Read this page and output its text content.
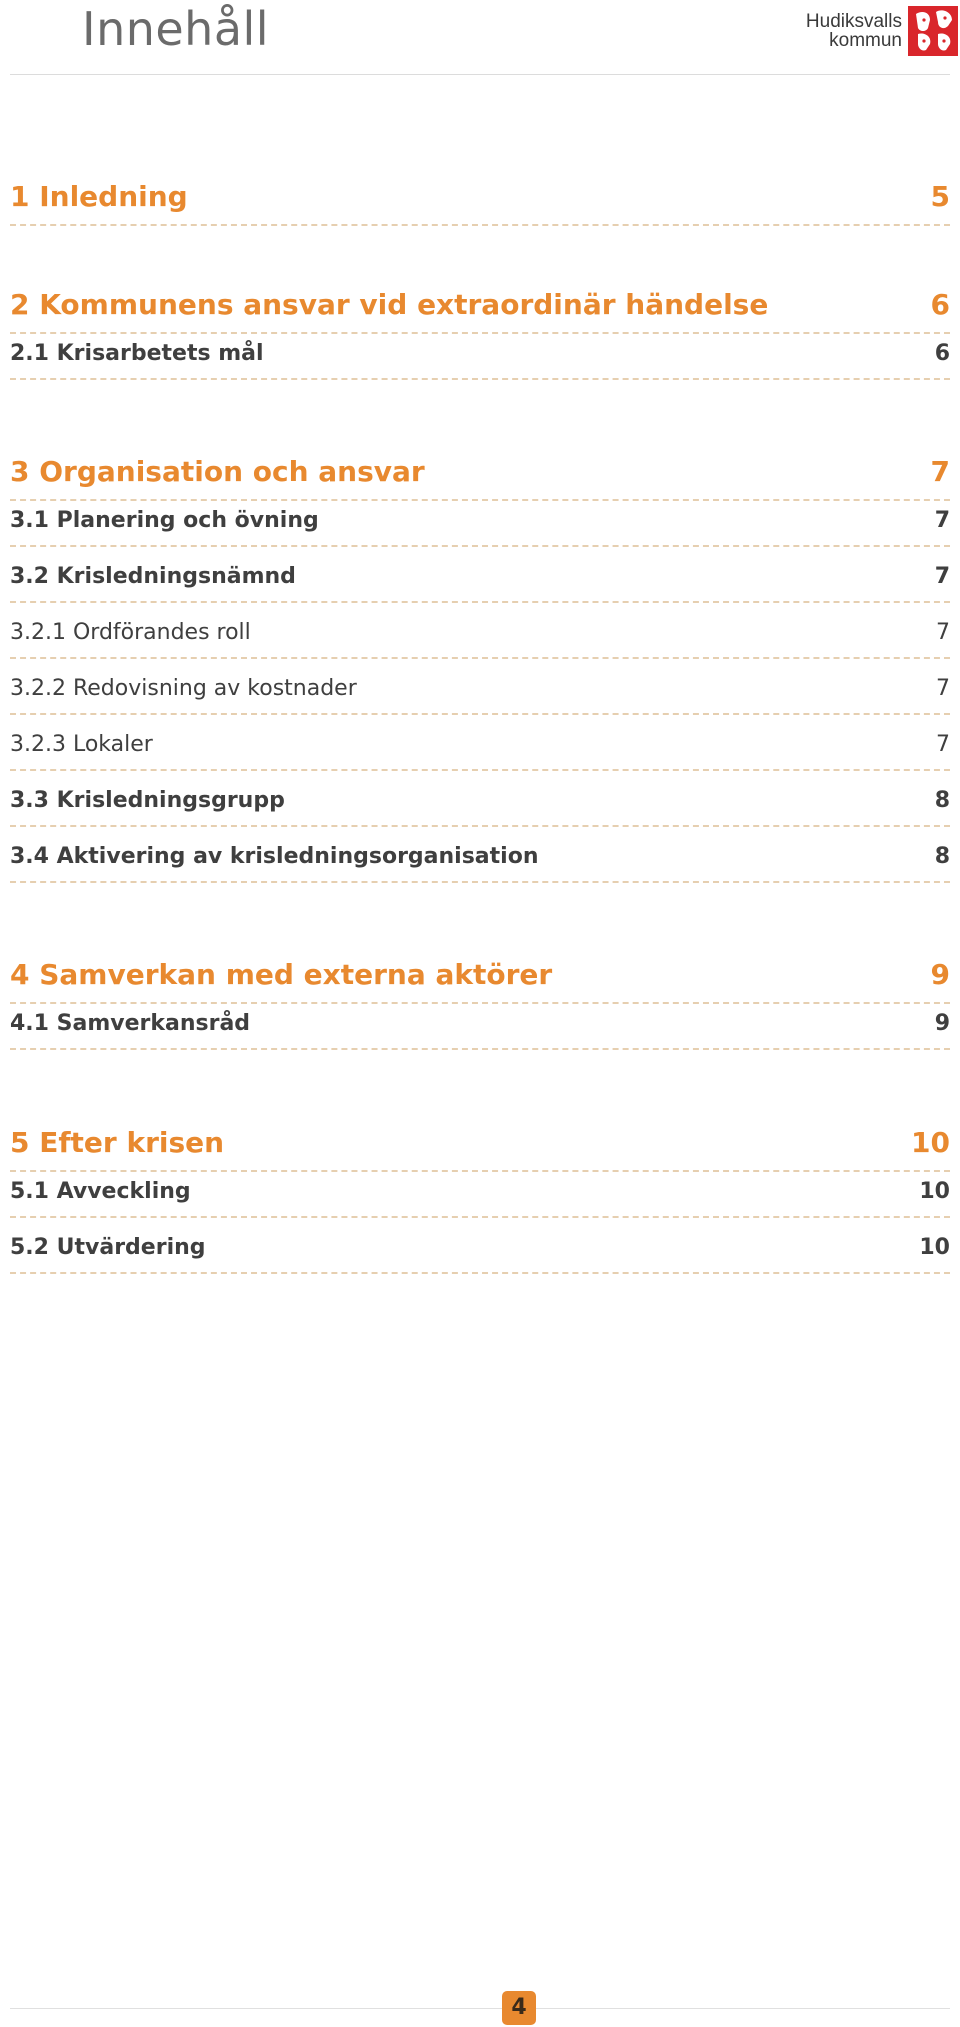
Innehåll	Hudiksvalls
kommun
1 Inledning	5
2 Kommunens ansvar vid extraordinär händelse	6
2.1 Krisarbetets mål	6
3 Organisation och ansvar	7
3.1 Planering och övning	7
3.2 Krisledningsnämnd	7
3.2.1 Ordförandes roll	7
3.2.2 Redovisning av kostnader	7
3.2.3 Lokaler	7
3.3 Krisledningsgrupp	8
3.4 Aktivering av krisledningsorganisation	8
4 Samverkan med externa aktörer	9
4.1 Samverkansråd	9
5 Efter krisen	10
5.1 Avveckling	10
5.2 Utvärdering	10
4
